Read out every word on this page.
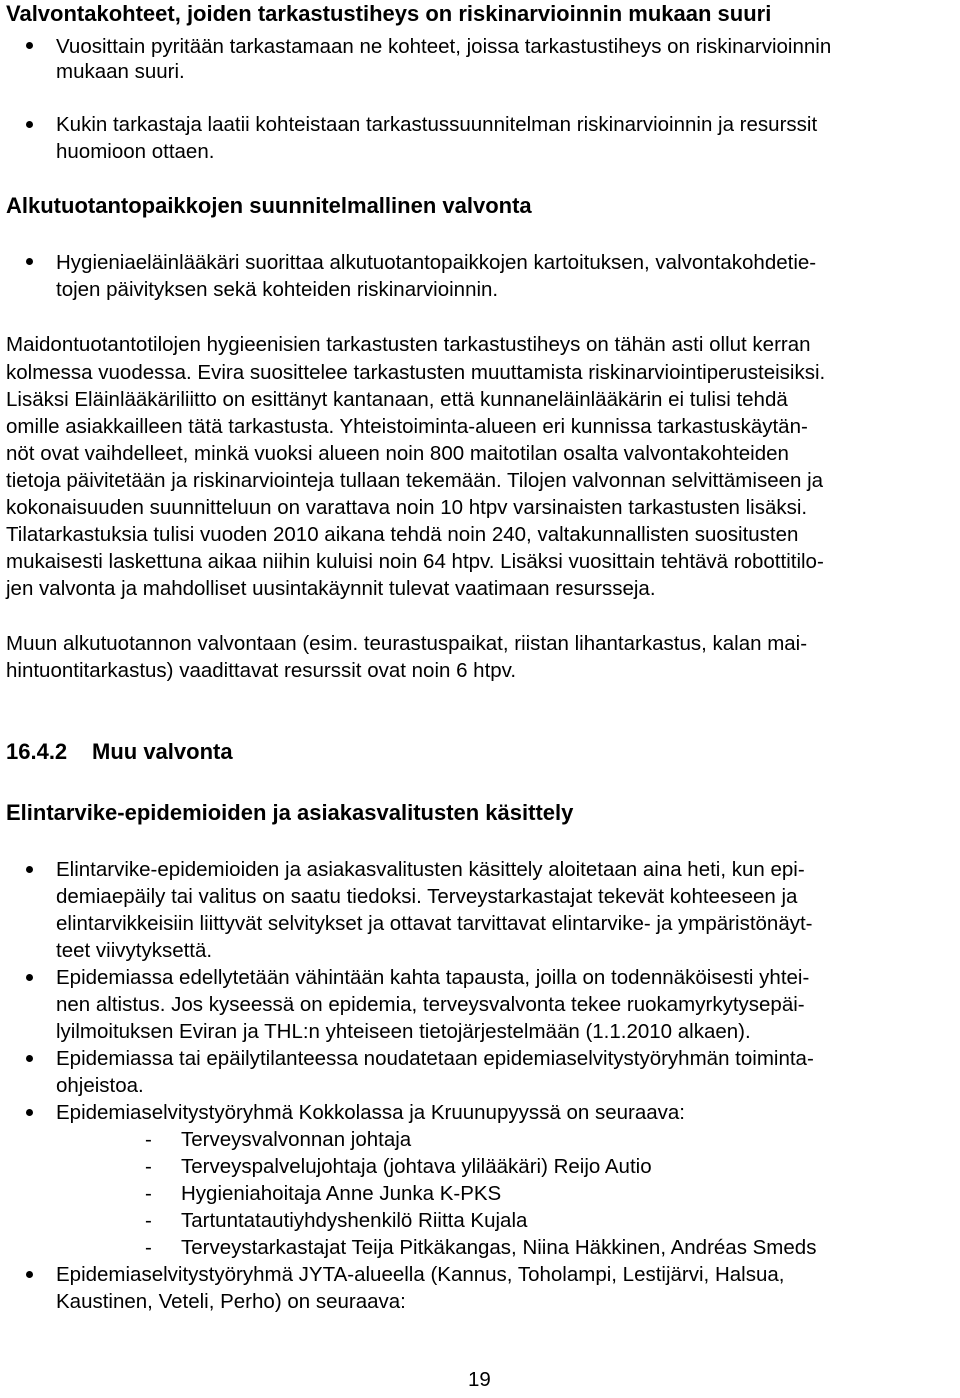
Valvontakohteet, joiden tarkastustiheys on riskinarvioinnin mukaan suuri
Vuosittain pyritään tarkastamaan ne kohteet, joissa tarkastustiheys on riskinarvioinnin
mukaan suuri.
Kukin tarkastaja laatii kohteistaan tarkastussuunnitelman riskinarvioinnin ja resurssit
huomioon ottaen.
Alkutuotantopaikkojen suunnitelmallinen valvonta
Hygieniaeläinlääkäri suorittaa alkutuotantopaikkojen kartoituksen, valvontakohdetie-
tojen päivityksen sekä kohteiden riskinarvioinnin.
Maidontuotantotilojen hygieenisien tarkastusten tarkastustiheys on tähän asti ollut kerran
kolmessa vuodessa. Evira suosittelee tarkastusten muuttamista riskinarviointiperusteisiksi.
Lisäksi Eläinlääkäriliitto on esittänyt kantanaan, että kunnaneläinlääkärin ei tulisi tehdä
omille asiakkailleen tätä tarkastusta. Yhteistoiminta-alueen eri kunnissa tarkastuskäytän-
nöt ovat vaihdelleet, minkä vuoksi alueen noin 800 maitotilan osalta valvontakohteiden
tietoja päivitetään ja riskinarviointeja tullaan tekemään. Tilojen valvonnan selvittämiseen ja
kokonaisuuden suunnitteluun on varattava noin 10 htpv varsinaisten tarkastusten lisäksi.
Tilatarkastuksia tulisi vuoden 2010 aikana tehdä noin 240, valtakunnallisten suositusten
mukaisesti laskettuna aikaa niihin kuluisi noin 64 htpv. Lisäksi vuosittain tehtävä robottitilo-
jen valvonta ja mahdolliset uusintakäynnit tulevat vaatimaan resursseja.
Muun alkutuotannon valvontaan (esim. teurastuspaikat, riistan lihantarkastus, kalan mai-
hintuontitarkastus) vaadittavat resurssit ovat noin 6 htpv.
16.4.2 Muu valvonta
Elintarvike-epidemioiden ja asiakasvalitusten käsittely
Elintarvike-epidemioiden ja asiakasvalitusten käsittely aloitetaan aina heti, kun epi-
demiaepäily tai valitus on saatu tiedoksi. Terveystarkastajat tekevät kohteeseen ja
elintarvikkeisiin liittyvät selvitykset ja ottavat tarvittavat elintarvike- ja ympäristönäyt-
teet viivytyksettä.
Epidemiassa edellytetään vähintään kahta tapausta, joilla on todennäköisesti yhtei-
nen altistus. Jos kyseessä on epidemia, terveysvalvonta tekee ruokamyrkytysepäi-
lyilmoituksen Eviran ja THL:n yhteiseen tietojärjestelmään (1.1.2010 alkaen).
Epidemiassa tai epäilytilanteessa noudatetaan epidemiaselvitystyöryhmän toiminta-
ohjeistoa.
Epidemiaselvitystyöryhmä Kokkolassa ja Kruunupyyssä on seuraava:
- Terveysvalvonnan johtaja
- Terveyspalvelujohtaja (johtava ylilääkäri) Reijo Autio
- Hygieniahoitaja Anne Junka K-PKS
- Tartuntatautiyhdyshenkilö Riitta Kujala
- Terveystarkastajat Teija Pitkäkangas, Niina Häkkinen, Andréas Smeds
Epidemiaselvitystyöryhmä JYTA-alueella (Kannus, Toholampi, Lestijärvi, Halsua,
Kaustinen, Veteli, Perho) on seuraava:
19
